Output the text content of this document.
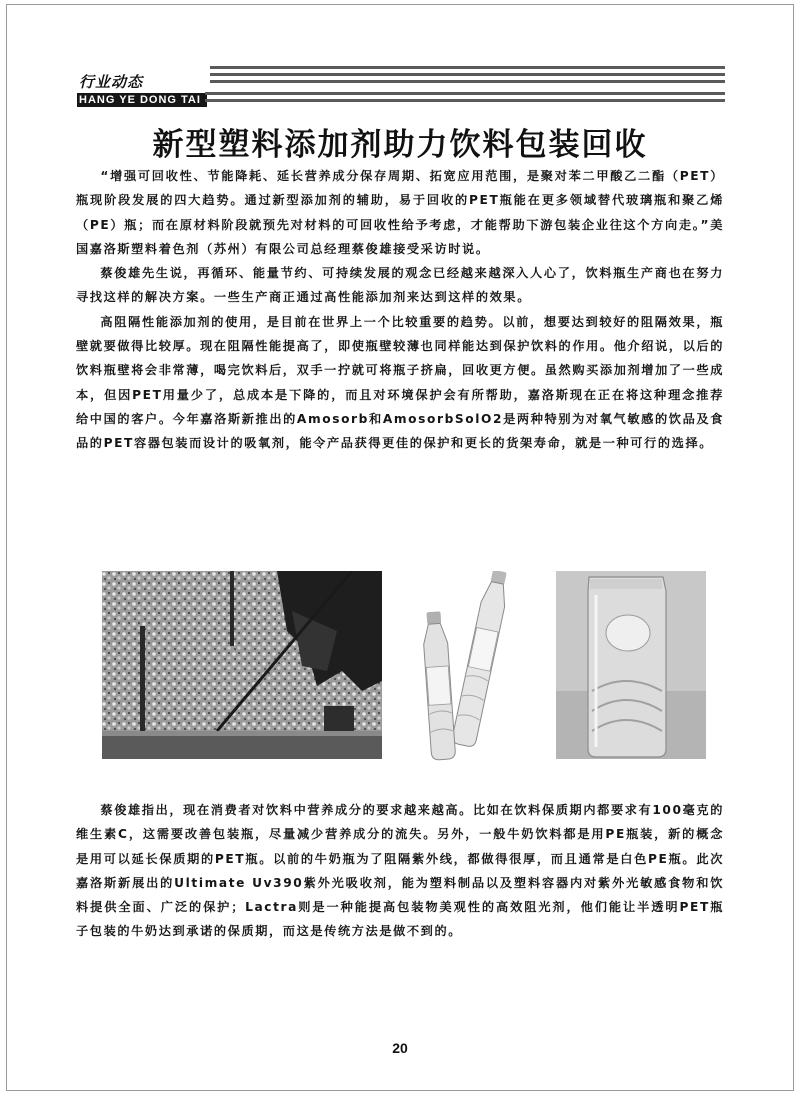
行业动态
HANG YE DONG TAI
新型塑料添加剂助力饮料包装回收

“增强可回收性、节能降耗、延长营养成分保存周期、拓宽应用范围，是聚对苯二甲酸乙二酯（PET）瓶现阶段发展的四大趋势。通过新型添加剂的辅助，易于回收的PET瓶能在更多领域替代玻璃瓶和聚乙烯（PE）瓶；而在原材料阶段就预先对材料的可回收性给予考虑，才能帮助下游包装企业往这个方向走。”美国嘉洛斯塑料着色剂（苏州）有限公司总经理蔡俊雄接受采访时说。

蔡俊雄先生说，再循环、能量节约、可持续发展的观念已经越来越深入人心了，饮料瓶生产商也在努力寻找这样的解决方案。一些生产商正通过高性能添加剂来达到这样的效果。

高阻隔性能添加剂的使用，是目前在世界上一个比较重要的趋势。以前，想要达到较好的阻隔效果，瓶壁就要做得比较厚。现在阻隔性能提高了，即使瓶壁较薄也同样能达到保护饮料的作用。他介绍说，以后的饮料瓶壁将会非常薄，喝完饮料后，双手一拧就可将瓶子挤扁，回收更方便。虽然购买添加剂增加了一些成本，但因PET用量少了，总成本是下降的，而且对环境保护会有所帮助，嘉洛斯现在正在将这种理念推荐给中国的客户。今年嘉洛斯新推出的Amosorb和AmosorbSolO2是两种特别为对氧气敏感的饮品及食品的PET容器包装而设计的吸氧剂，能令产品获得更佳的保护和更长的货架寿命，就是一种可行的选择。

蔡俊雄指出，现在消费者对饮料中营养成分的要求越来越高。比如在饮料保质期内都要求有100毫克的维生素C，这需要改善包装瓶，尽量减少营养成分的流失。另外，一般牛奶饮料都是用PE瓶装，新的概念是用可以延长保质期的PET瓶。以前的牛奶瓶为了阻隔紫外线，都做得很厚，而且通常是白色PE瓶。此次嘉洛斯新展出的Ultimate Uv390紫外光吸收剂，能为塑料制品以及塑料容器内对紫外光敏感食物和饮料提供全面、广泛的保护；Lactra则是一种能提高包装物美观性的高效阻光剂，他们能让半透明PET瓶子包装的牛奶达到承诺的保质期，而这是传统方法是做不到的。

20
